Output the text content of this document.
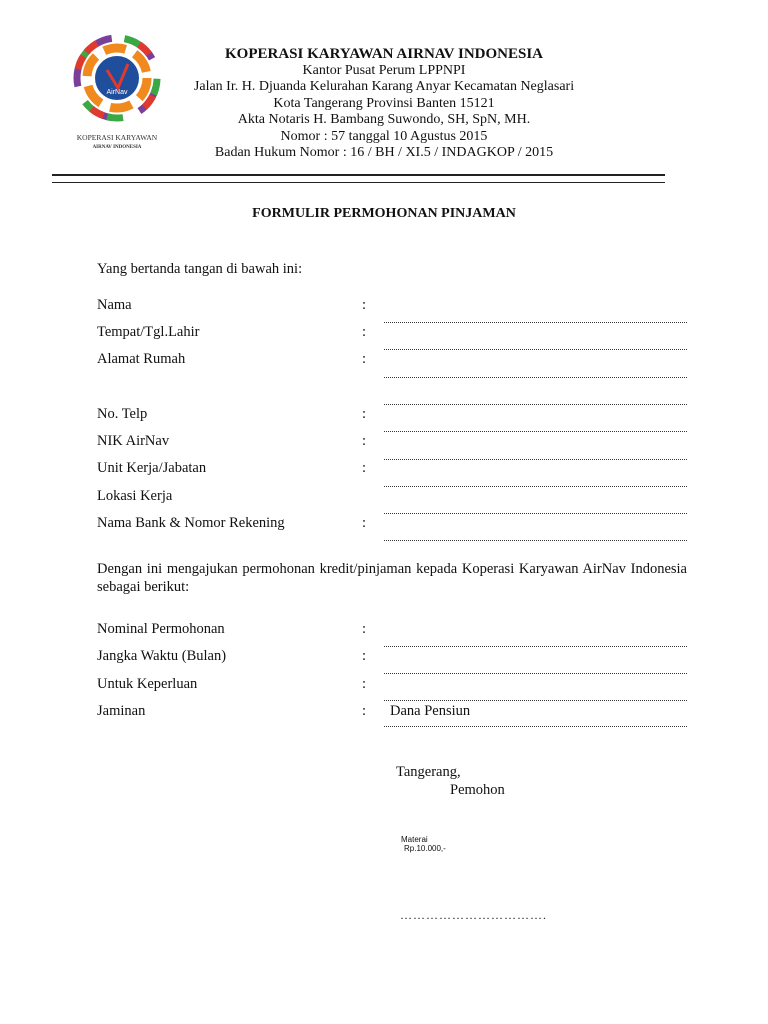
AirNav
KOPERASI KARYAWAN
AIRNAV INDONESIA
KOPERASI KARYAWAN AIRNAV INDONESIA
Kantor Pusat Perum LPPNPI
Jalan Ir. H. Djuanda Kelurahan Karang Anyar Kecamatan Neglasari
Kota Tangerang Provinsi Banten 15121
Akta Notaris H. Bambang Suwondo, SH, SpN, MH.
Nomor : 57 tanggal 10 Agustus 2015
Badan Hukum Nomor : 16 / BH / XI.5 / INDAGKOP / 2015
FORMULIR PERMOHONAN PINJAMAN
Yang bertanda tangan di bawah ini:
Nama	:
Tempat/Tgl.Lahir	:
Alamat Rumah	:
No. Telp	:
NIK AirNav	:
Unit Kerja/Jabatan	:
Lokasi Kerja
Nama Bank & Nomor Rekening	:
Dengan ini mengajukan permohonan kredit/pinjaman kepada Koperasi Karyawan AirNav Indonesia sebagai berikut:
Nominal Permohonan	:
Jangka Waktu (Bulan)	:
Untuk Keperluan	:
Jaminan	: Dana Pensiun
Tangerang,
Pemohon
Materai
Rp.10.000,-
…………………………….
